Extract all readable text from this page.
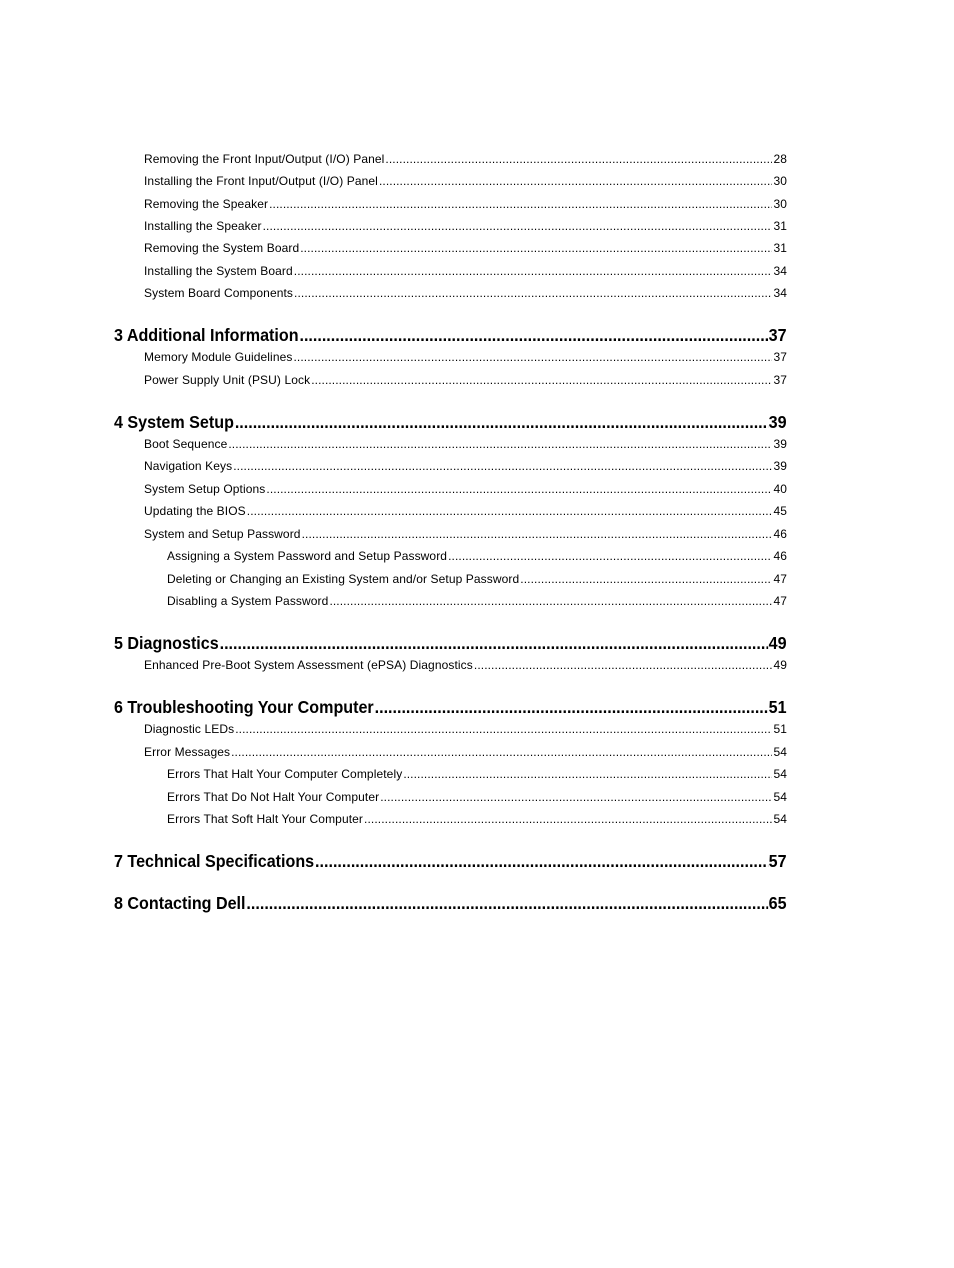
Removing the Front Input/Output (I/O) Panel .....	28
Installing the Front Input/Output (I/O) Panel .....	30
Removing the Speaker .....	30
Installing the Speaker .....	31
Removing the System Board .....	31
Installing the System Board .....	34
System Board Components .....	34
3 Additional Information .....	37
Memory Module Guidelines .....	37
Power Supply Unit (PSU) Lock .....	37
4 System Setup .....	39
Boot Sequence .....	39
Navigation Keys .....	39
System Setup Options .....	40
Updating the BIOS .....	45
System and Setup Password .....	46
Assigning a System Password and Setup Password .....	46
Deleting or Changing an Existing System and/or Setup Password .....	47
Disabling a System Password .....	47
5 Diagnostics .....	49
Enhanced Pre-Boot System Assessment (ePSA) Diagnostics .....	49
6 Troubleshooting Your Computer .....	51
Diagnostic LEDs .....	51
Error Messages .....	54
Errors That Halt Your Computer Completely .....	54
Errors That Do Not Halt Your Computer .....	54
Errors That Soft Halt Your Computer .....	54
7 Technical Specifications .....	57
8 Contacting Dell .....	65
